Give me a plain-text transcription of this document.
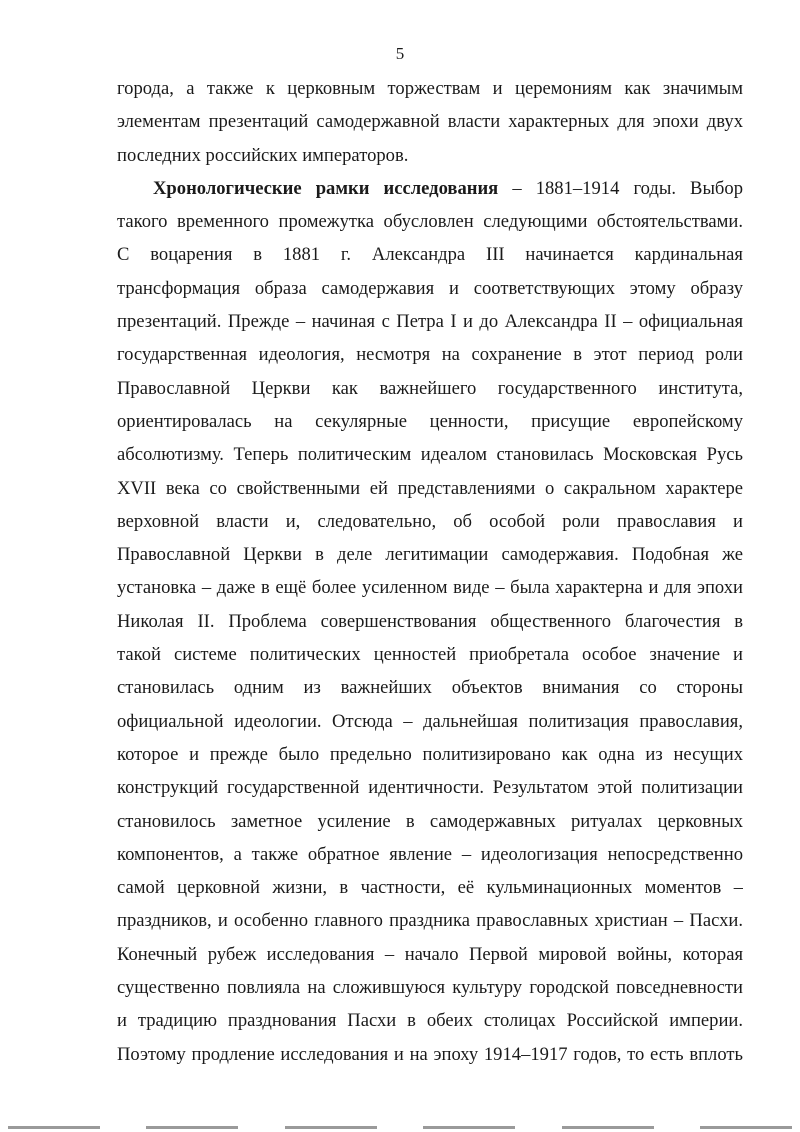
5
города, а также к церковным торжествам и церемониям как значимым
элементам презентаций самодержавной власти характерных для эпохи двух
последних российских императоров.
Хронологические рамки исследования – 1881–1914 годы. Выбор
такого временного промежутка обусловлен следующими обстоятельствами.
С воцарения в 1881 г. Александра III начинается кардинальная
трансформация образа самодержавия и соответствующих этому образу
презентаций. Прежде – начиная с Петра I и до Александра II – официальная
государственная идеология, несмотря на сохранение в этот период роли
Православной Церкви как важнейшего государственного института,
ориентировалась на секулярные ценности, присущие европейскому
абсолютизму. Теперь политическим идеалом становилась Московская Русь
XVII века со свойственными ей представлениями о сакральном характере
верховной власти и, следовательно, об особой роли православия и
Православной Церкви в деле легитимации самодержавия. Подобная же
установка – даже в ещё более усиленном виде – была характерна и для эпохи
Николая II. Проблема совершенствования общественного благочестия в
такой системе политических ценностей приобретала особое значение и
становилась одним из важнейших объектов внимания со стороны
официальной идеологии. Отсюда – дальнейшая политизация православия,
которое и прежде было предельно политизировано как одна из несущих
конструкций государственной идентичности. Результатом этой политизации
становилось заметное усиление в самодержавных ритуалах церковных
компонентов, а также обратное явление – идеологизация непосредственно
самой церковной жизни, в частности, её кульминационных моментов –
праздников, и особенно главного праздника православных христиан – Пасхи.
Конечный рубеж исследования – начало Первой мировой войны, которая
существенно повлияла на сложившуюся культуру городской повседневности
и традицию празднования Пасхи в обеих столицах Российской империи.
Поэтому продление исследования и на эпоху 1914–1917 годов, то есть вплоть
